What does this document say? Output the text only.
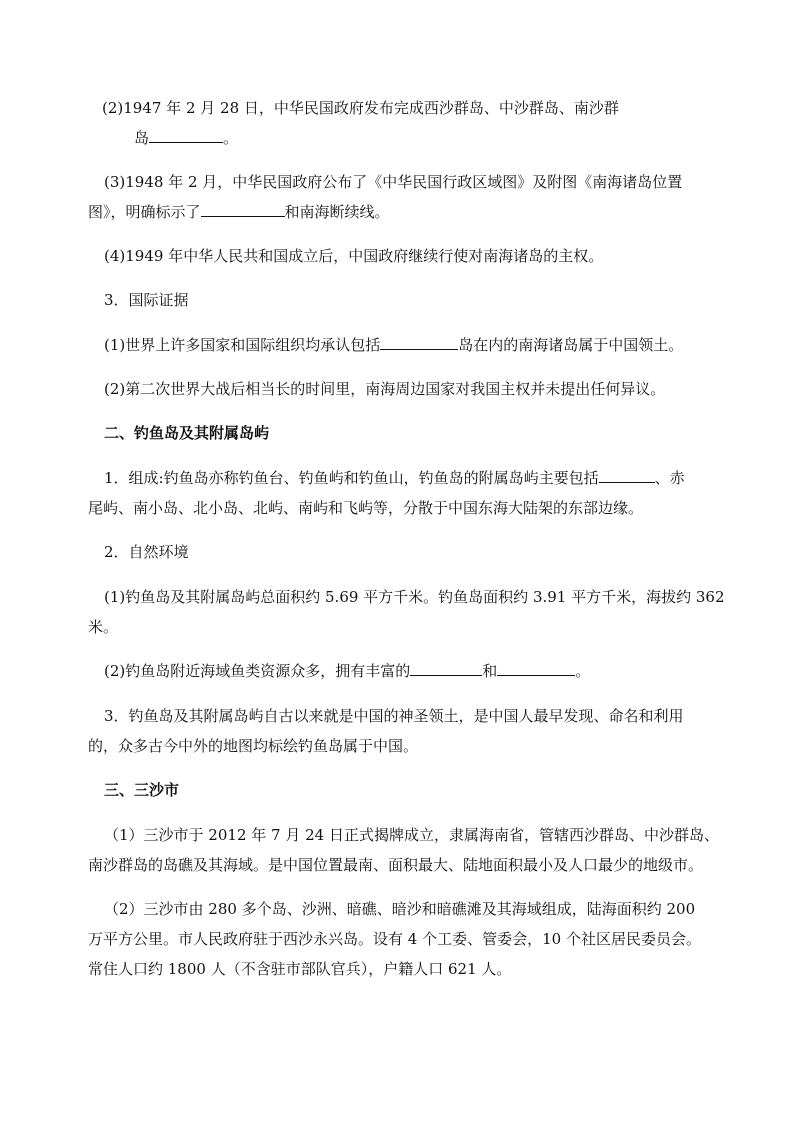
(2)1947 年 2 月 28 日，中华民国政府发布完成西沙群岛、中沙群岛、南沙群
岛	。
(3)1948 年 2 月，中华民国政府公布了《中华民国行政区域图》及附图《南海诸岛位置
图》，明确标示了	和南海断续线。
(4)1949 年中华人民共和国成立后，中国政府继续行使对南海诸岛的主权。
3．国际证据
(1)世界上许多国家和国际组织均承认包括	岛在内的南海诸岛属于中国领土。
(2)第二次世界大战后相当长的时间里，南海周边国家对我国主权并未提出任何异议。
二、钓鱼岛及其附属岛屿
1．组成:钓鱼岛亦称钓鱼台、钓鱼屿和钓鱼山，钓鱼岛的附属岛屿主要包括	、赤
尾屿、南小岛、北小岛、北屿、南屿和飞屿等，分散于中国东海大陆架的东部边缘。
2．自然环境
(1)钓鱼岛及其附属岛屿总面积约 5.69 平方千米。钓鱼岛面积约 3.91 平方千米，海拔约 362
米。
(2)钓鱼岛附近海域鱼类资源众多，拥有丰富的	和	。
3．钓鱼岛及其附属岛屿自古以来就是中国的神圣领土，是中国人最早发现、命名和利用
的，众多古今中外的地图均标绘钓鱼岛属于中国。
三、三沙市
（1）三沙市于 2012 年 7 月 24 日正式揭牌成立，隶属海南省，管辖西沙群岛、中沙群岛、
南沙群岛的岛礁及其海域。是中国位置最南、面积最大、陆地面积最小及人口最少的地级市。
（2）三沙市由 280 多个岛、沙洲、暗礁、暗沙和暗礁滩及其海域组成，陆海面积约 200
万平方公里。市人民政府驻于西沙永兴岛。设有 4 个工委、管委会，10 个社区居民委员会。
常住人口约 1800 人（不含驻市部队官兵），户籍人口 621 人。
